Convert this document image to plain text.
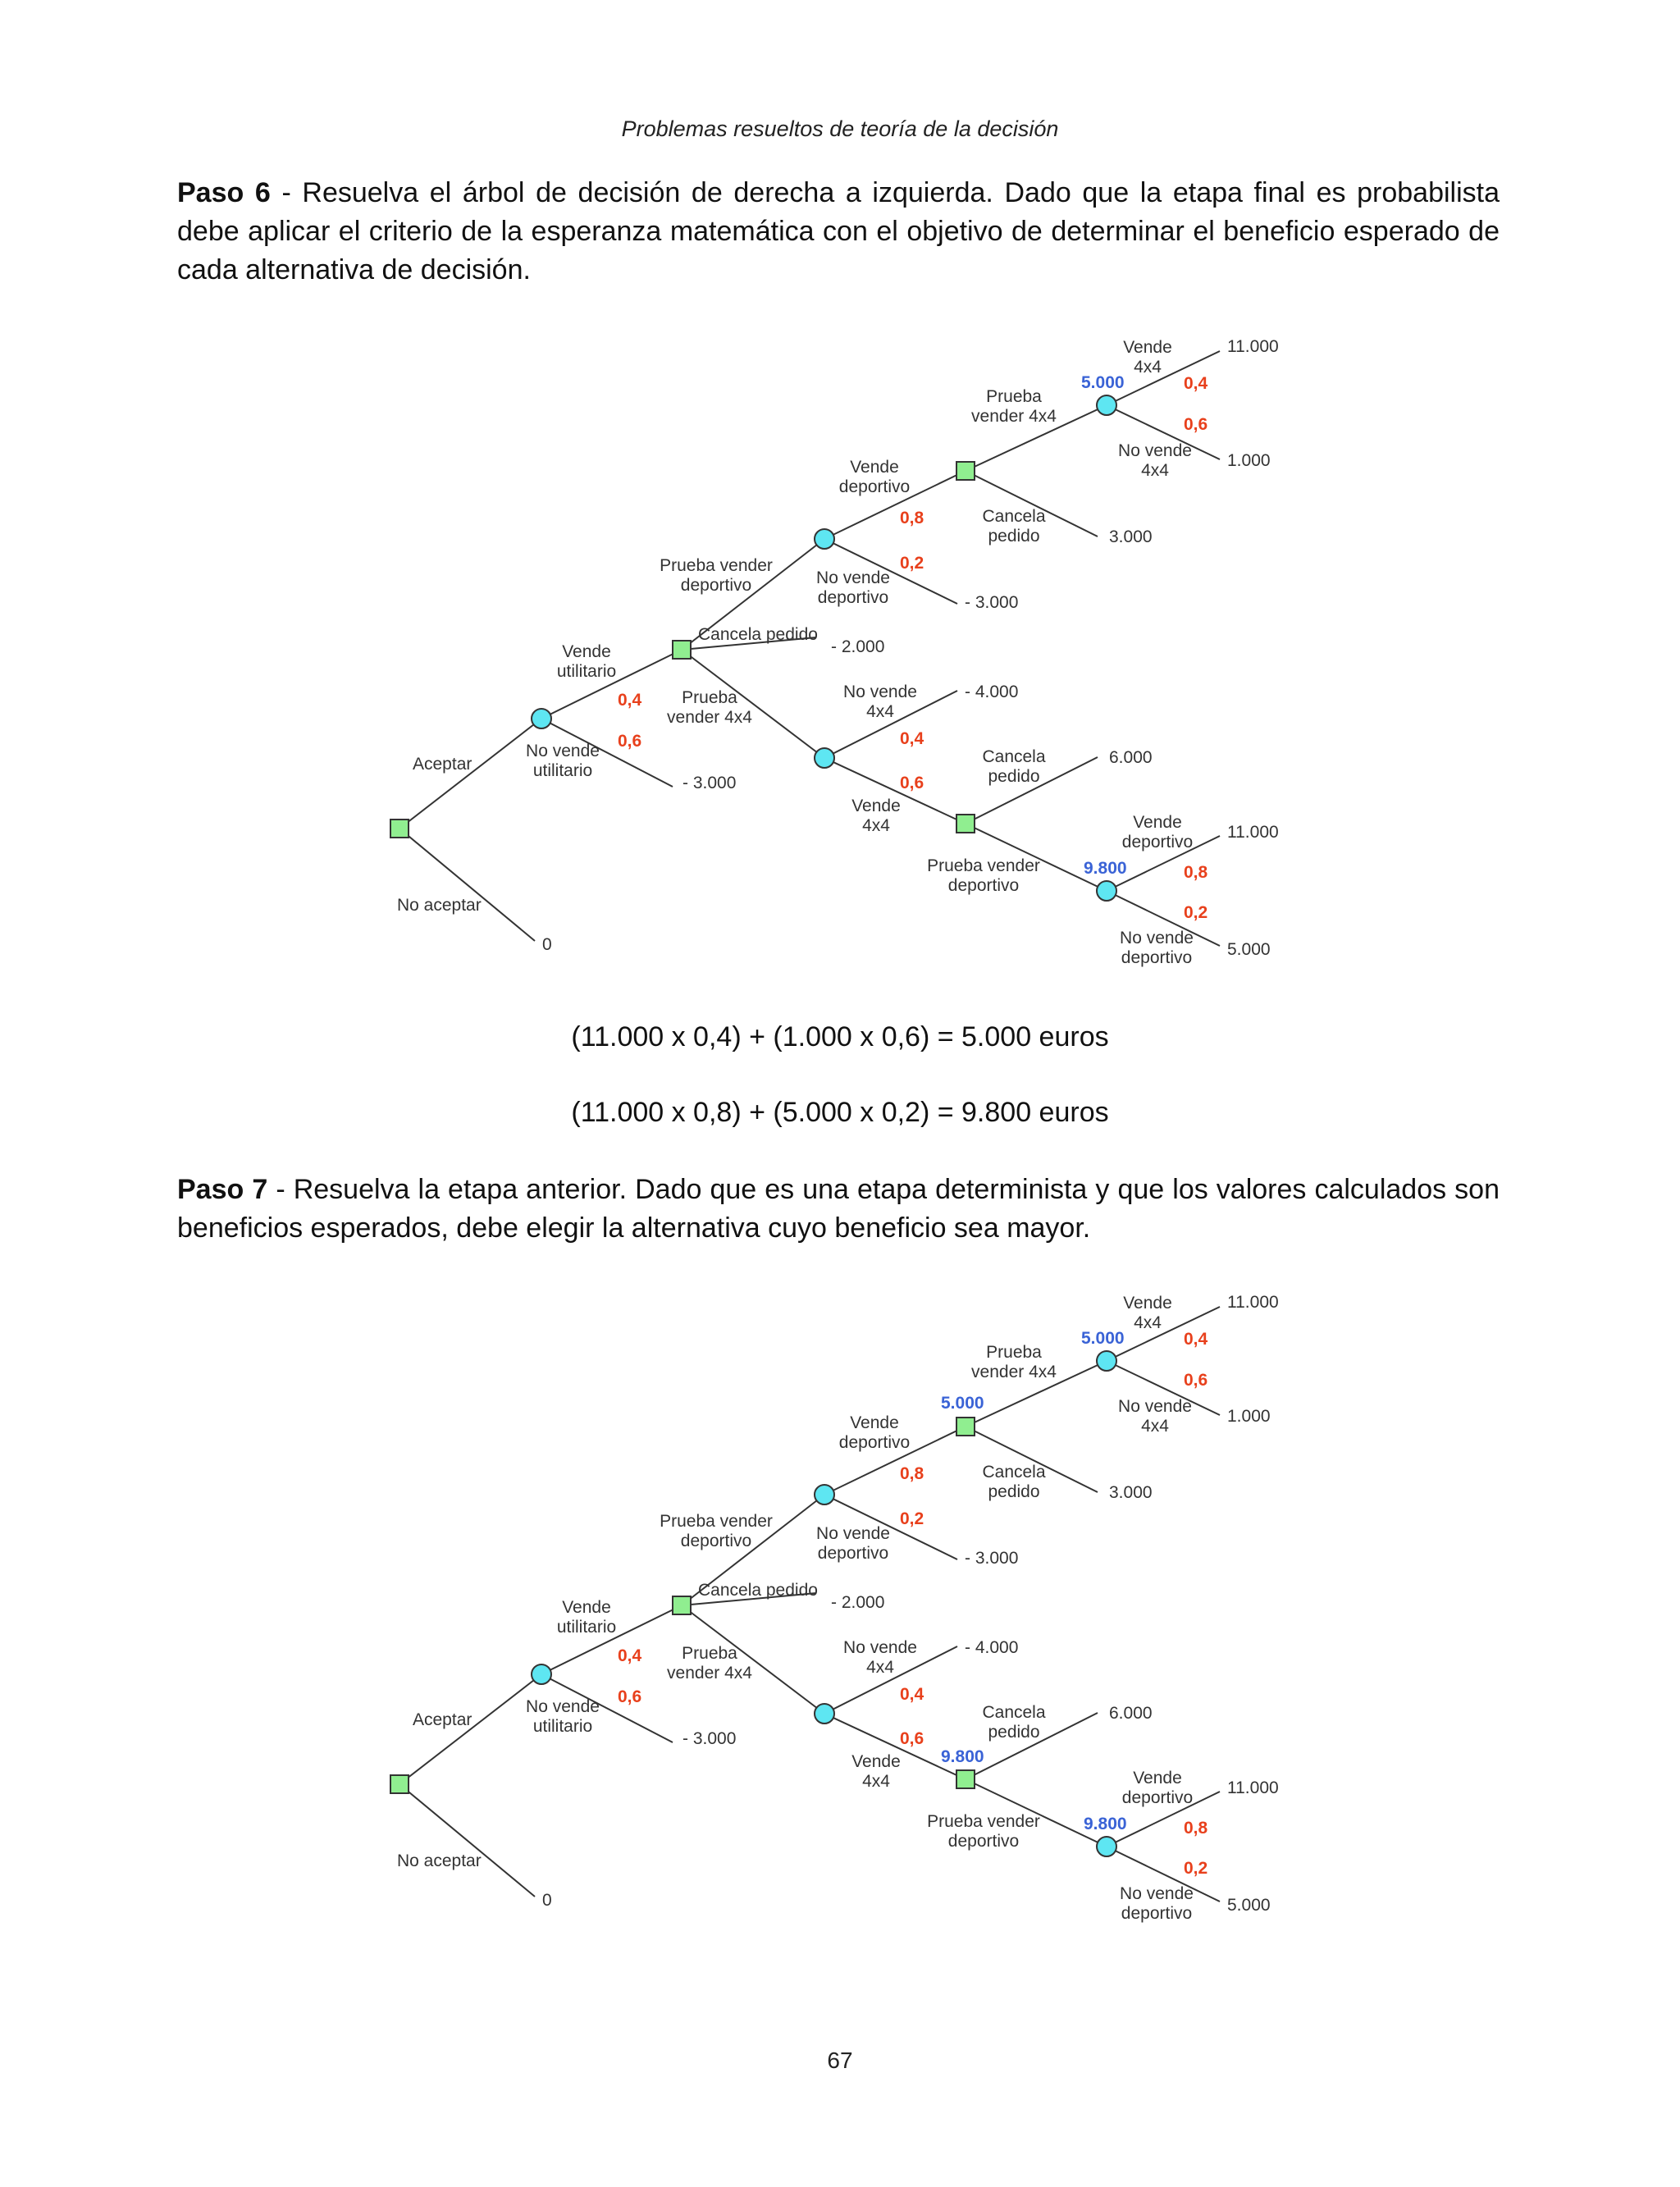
Problemas resueltos de teoría de la decisión
Paso 6 - Resuelva el árbol de decisión de derecha a izquierda. Dado que la etapa final es probabilista debe aplicar el criterio de la esperanza matemática con el objetivo de determinar el beneficio esperado de cada alternativa de decisión.
Aceptar
No aceptar
Vende
utilitario
No vende
utilitario
Prueba vender
deportivo
Cancela pedido
Prueba
vender 4x4
Vende
deportivo
No vende
deportivo
Prueba
vender 4x4
Cancela
pedido
Vende
4x4
No vende
4x4
No vende
4x4
Vende
4x4
Cancela
pedido
Prueba vender
deportivo
Vende
deportivo
No vende
deportivo
0,4
0,6
0,8
0,2
0,4
0,6
0,4
0,6
0,8
0,2
5.000
9.800
11.000
1.000
3.000
- 3.000
- 2.000
- 4.000
6.000
11.000
5.000
- 3.000
0
(11.000 x 0,4) + (1.000 x 0,6) = 5.000 euros
(11.000 x 0,8) + (5.000 x 0,2) = 9.800 euros
Paso 7 - Resuelva la etapa anterior. Dado que es una etapa determinista y que los valores calculados son beneficios esperados, debe elegir la alternativa cuyo beneficio sea mayor.
Aceptar
No aceptar
Vende
utilitario
No vende
utilitario
Prueba vender
deportivo
Cancela pedido
Prueba
vender 4x4
Vende
deportivo
No vende
deportivo
Prueba
vender 4x4
Cancela
pedido
Vende
4x4
No vende
4x4
No vende
4x4
Vende
4x4
Cancela
pedido
Prueba vender
deportivo
Vende
deportivo
No vende
deportivo
0,4
0,6
0,8
0,2
0,4
0,6
0,4
0,6
0,8
0,2
5.000
9.800
5.000
9.800
11.000
1.000
3.000
- 3.000
- 2.000
- 4.000
6.000
11.000
5.000
- 3.000
0
67
